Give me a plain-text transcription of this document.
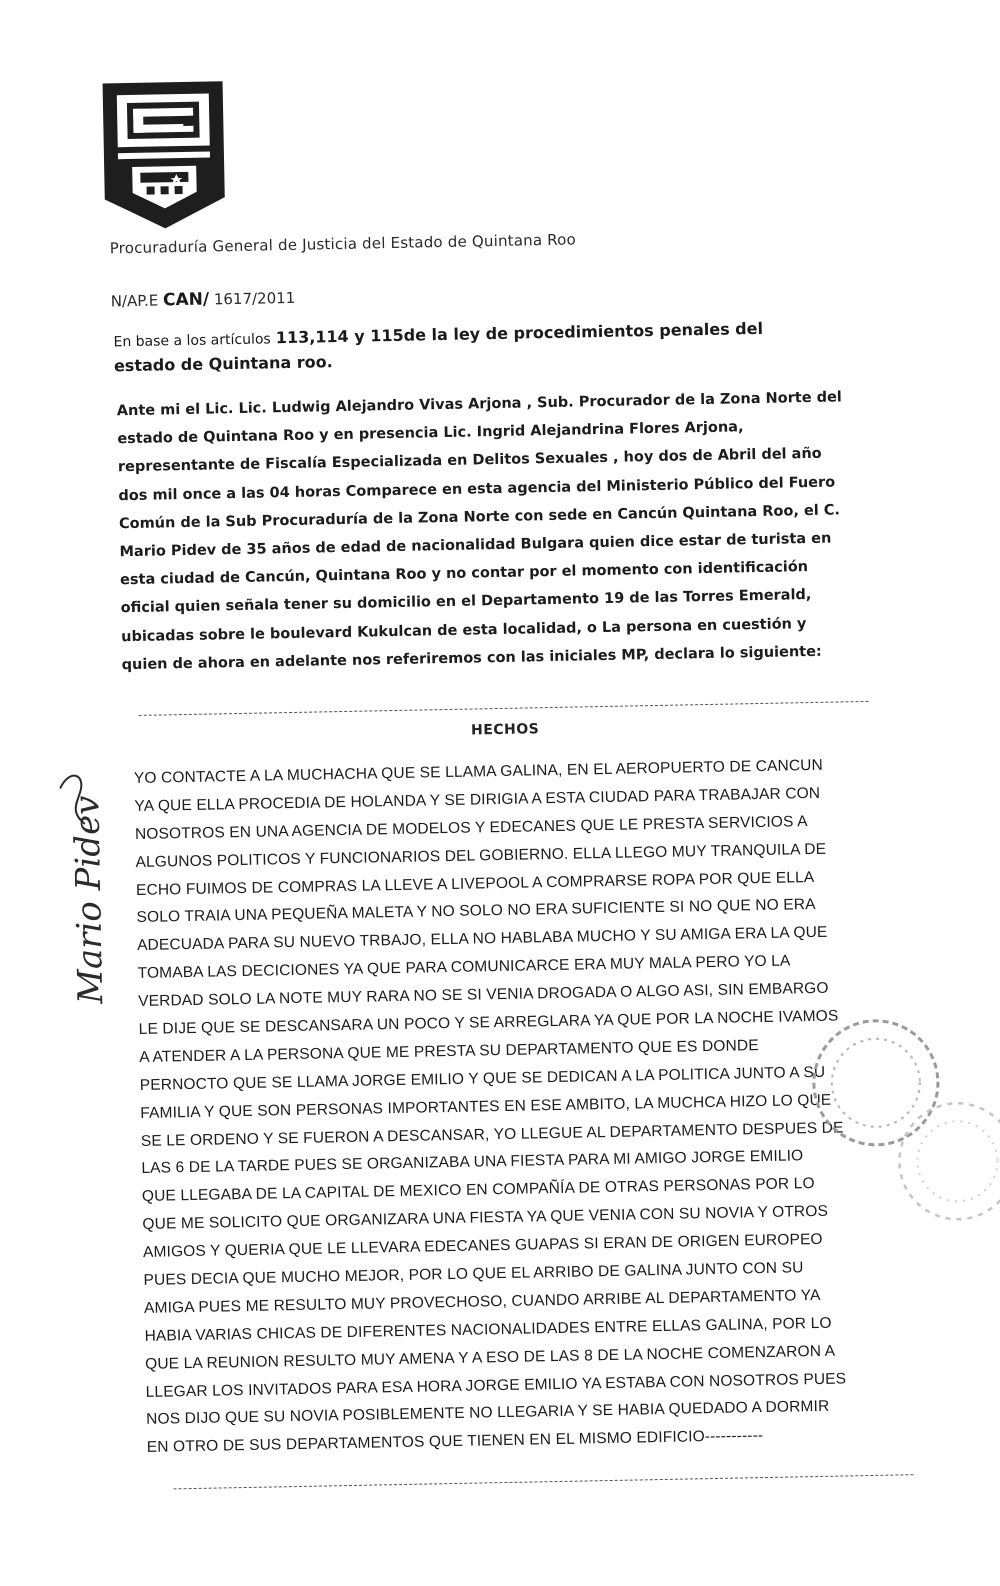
Procuraduría General de Justicia del Estado de Quintana Roo
N/AP.E CAN/ 1617/2011
En base a los artículos 113,114 y 115de la ley de procedimientos penales del
estado de Quintana roo.
Ante mi el Lic. Lic. Ludwig Alejandro Vivas Arjona , Sub. Procurador de la Zona Norte del
estado de Quintana Roo y en presencia Lic. Ingrid Alejandrina Flores Arjona,
representante de Fiscalía Especializada en Delitos Sexuales , hoy dos de Abril del año
dos mil once a las 04 horas Comparece en esta agencia del Ministerio Público del Fuero
Común de la Sub Procuraduría de la Zona Norte con sede en Cancún Quintana Roo, el C.
Mario Pidev de 35 años de edad de nacionalidad Bulgara quien dice estar de turista en
esta ciudad de Cancún, Quintana Roo y no contar por el momento con identificación
oficial quien señala tener su domicilio en el Departamento 19 de las Torres Emerald,
ubicadas sobre le boulevard Kukulcan de esta localidad, o La persona en cuestión y
quien de ahora en adelante nos referiremos con las iniciales MP, declara lo siguiente:
HECHOS
YO CONTACTE A LA MUCHACHA QUE SE LLAMA GALINA, EN EL AEROPUERTO DE CANCUN
YA QUE ELLA PROCEDIA DE HOLANDA Y SE DIRIGIA A ESTA CIUDAD PARA TRABAJAR CON
NOSOTROS EN UNA AGENCIA DE MODELOS Y EDECANES QUE LE PRESTA SERVICIOS A
ALGUNOS POLITICOS Y FUNCIONARIOS DEL GOBIERNO. ELLA LLEGO MUY TRANQUILA DE
ECHO FUIMOS DE COMPRAS LA LLEVE A LIVEPOOL A COMPRARSE ROPA POR QUE ELLA
SOLO TRAIA UNA PEQUEÑA MALETA Y NO SOLO NO ERA SUFICIENTE SI NO QUE NO ERA
ADECUADA PARA SU NUEVO TRBAJO, ELLA NO HABLABA MUCHO Y SU AMIGA ERA LA QUE
TOMABA LAS DECICIONES YA QUE PARA COMUNICARCE ERA MUY MALA PERO YO LA
VERDAD SOLO LA NOTE MUY RARA NO SE SI VENIA DROGADA O ALGO ASI, SIN EMBARGO
LE DIJE QUE SE DESCANSARA UN POCO Y SE ARREGLARA YA QUE POR LA NOCHE IVAMOS
A ATENDER A LA PERSONA QUE ME PRESTA SU DEPARTAMENTO QUE ES DONDE
PERNOCTO QUE SE LLAMA JORGE EMILIO Y QUE SE DEDICAN A LA POLITICA JUNTO A SU
FAMILIA Y QUE SON PERSONAS IMPORTANTES EN ESE AMBITO, LA MUCHCA HIZO LO QUE
SE LE ORDENO Y SE FUERON A DESCANSAR, YO LLEGUE AL DEPARTAMENTO DESPUES DE
LAS 6 DE LA TARDE PUES SE ORGANIZABA UNA FIESTA PARA MI AMIGO JORGE EMILIO
QUE LLEGABA DE LA CAPITAL DE MEXICO EN COMPAÑÍA DE OTRAS PERSONAS POR LO
QUE ME SOLICITO QUE ORGANIZARA UNA FIESTA YA QUE VENIA CON SU NOVIA Y OTROS
AMIGOS Y QUERIA QUE LE LLEVARA EDECANES GUAPAS SI ERAN DE ORIGEN EUROPEO
PUES DECIA QUE MUCHO MEJOR, POR LO QUE EL ARRIBO DE GALINA JUNTO CON SU
AMIGA PUES ME RESULTO MUY PROVECHOSO, CUANDO ARRIBE AL DEPARTAMENTO YA
HABIA VARIAS CHICAS DE DIFERENTES NACIONALIDADES ENTRE ELLAS GALINA, POR LO
QUE LA REUNION RESULTO MUY AMENA Y A ESO DE LAS 8 DE LA NOCHE COMENZARON A
LLEGAR LOS INVITADOS PARA ESA HORA JORGE EMILIO YA ESTABA CON NOSOTROS PUES
NOS DIJO QUE SU NOVIA POSIBLEMENTE NO LLEGARIA Y SE HABIA QUEDADO A DORMIR
EN OTRO DE SUS DEPARTAMENTOS QUE TIENEN EN EL MISMO EDIFICIO-----------
Mario Pidev
